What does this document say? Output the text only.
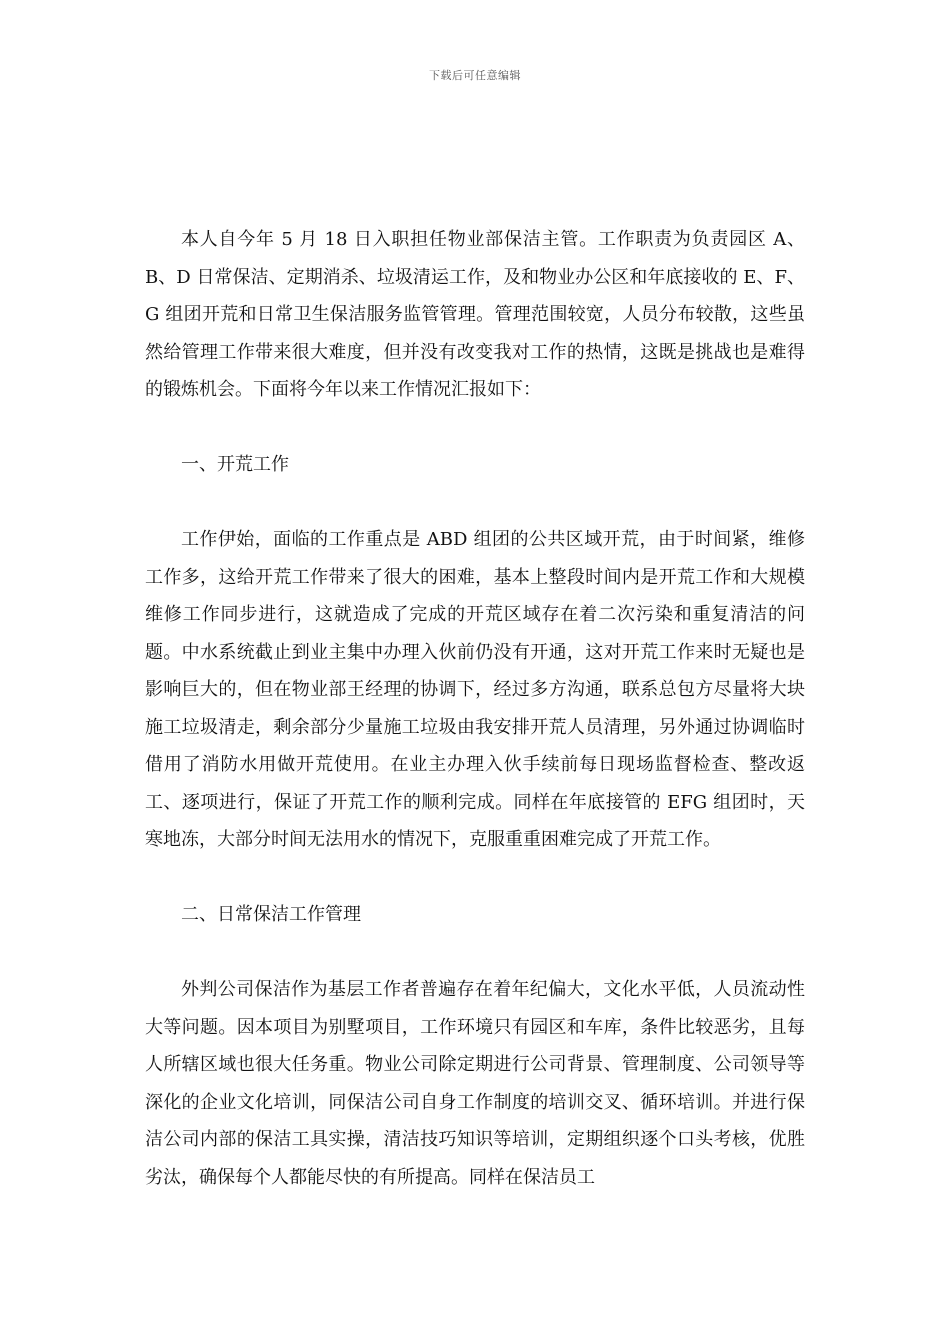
下载后可任意编辑

本人自今年 5 月 18 日入职担任物业部保洁主管。工作职责为负责园区 A、B、D 日常保洁、定期消杀、垃圾清运工作，及和物业办公区和年底接收的 E、F、G 组团开荒和日常卫生保洁服务监管管理。管理范围较宽，人员分布较散，这些虽然给管理工作带来很大难度，但并没有改变我对工作的热情，这既是挑战也是难得的锻炼机会。下面将今年以来工作情况汇报如下：

一、开荒工作

工作伊始，面临的工作重点是 ABD 组团的公共区域开荒，由于时间紧，维修工作多，这给开荒工作带来了很大的困难，基本上整段时间内是开荒工作和大规模维修工作同步进行，这就造成了完成的开荒区域存在着二次污染和重复清洁的问题。中水系统截止到业主集中办理入伙前仍没有开通，这对开荒工作来时无疑也是影响巨大的，但在物业部王经理的协调下，经过多方沟通，联系总包方尽量将大块施工垃圾清走，剩余部分少量施工垃圾由我安排开荒人员清理，另外通过协调临时借用了消防水用做开荒使用。在业主办理入伙手续前每日现场监督检查、整改返工、逐项进行，保证了开荒工作的顺利完成。同样在年底接管的 EFG 组团时，天寒地冻，大部分时间无法用水的情况下，克服重重困难完成了开荒工作。

二、日常保洁工作管理

外判公司保洁作为基层工作者普遍存在着年纪偏大，文化水平低，人员流动性大等问题。因本项目为别墅项目，工作环境只有园区和车库，条件比较恶劣，且每人所辖区域也很大任务重。物业公司除定期进行公司背景、管理制度、公司领导等深化的企业文化培训，同保洁公司自身工作制度的培训交叉、循环培训。并进行保洁公司内部的保洁工具实操，清洁技巧知识等培训，定期组织逐个口头考核，优胜劣汰，确保每个人都能尽快的有所提高。同样在保洁员工
